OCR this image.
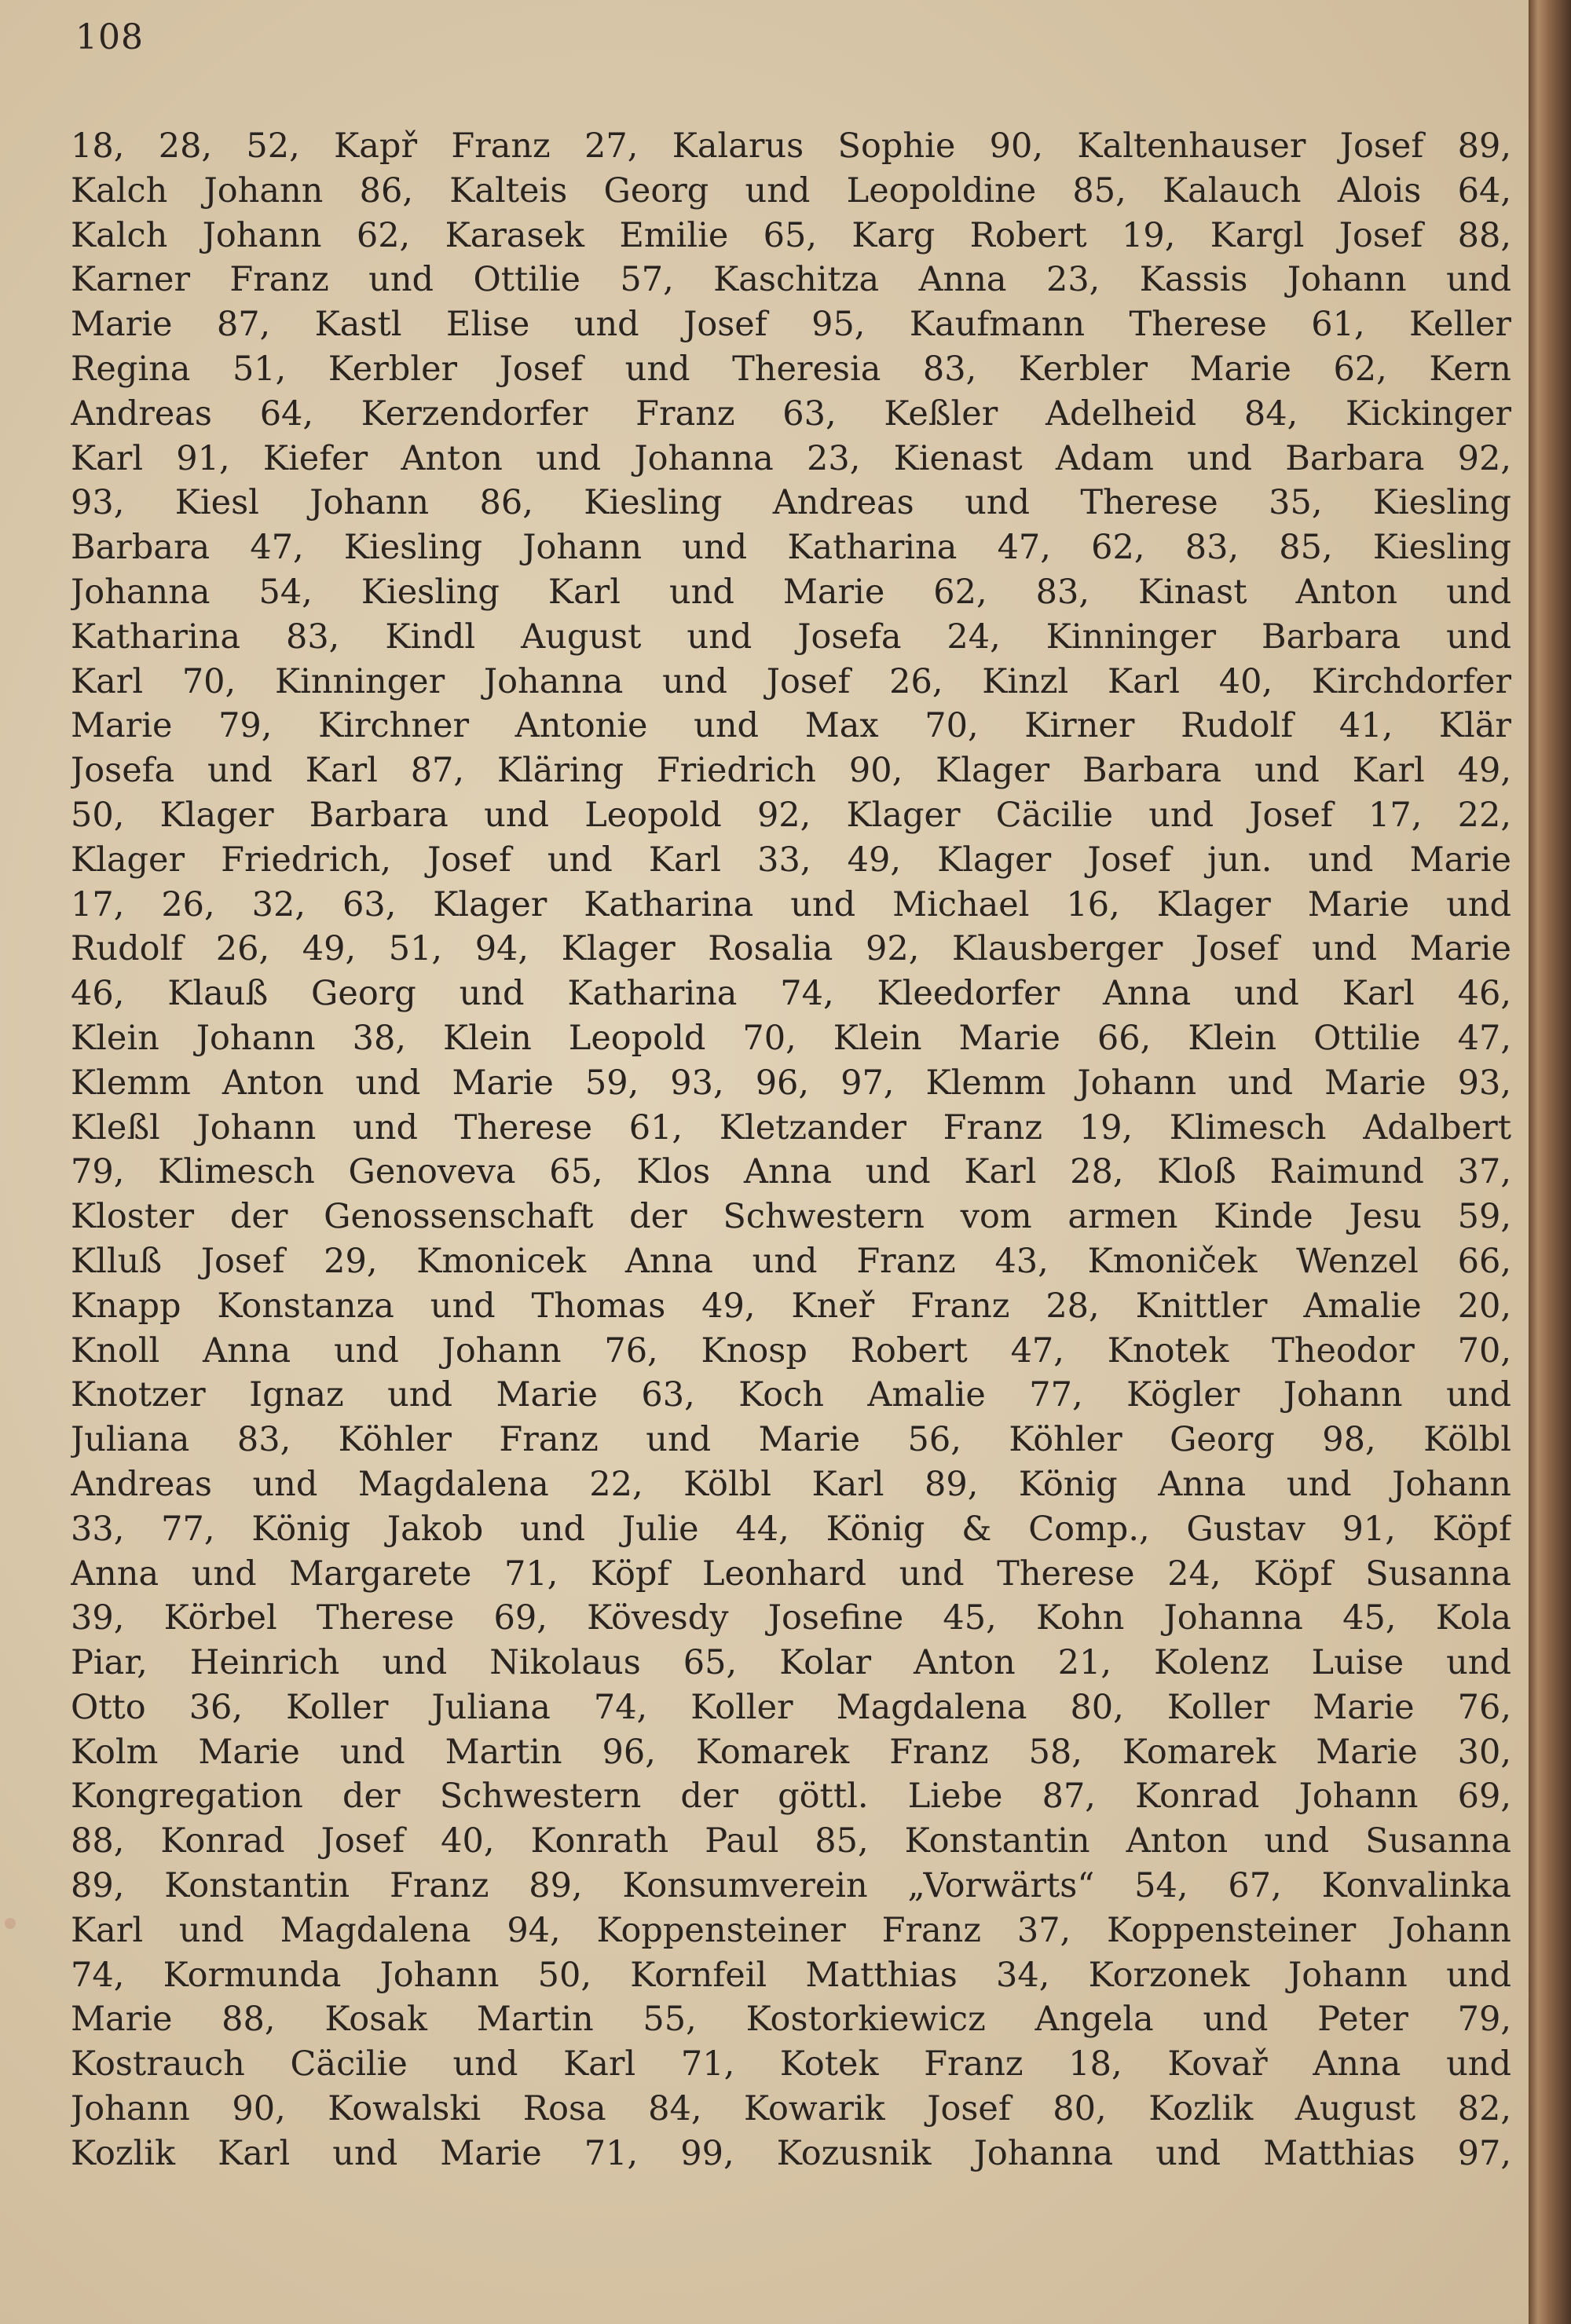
108
18, 28, 52, Kapř Franz 27, Kalarus Sophie 90, Kaltenhauser Josef 89,
Kalch Johann 86, Kalteis Georg und Leopoldine 85, Kalauch Alois 64,
Kalch Johann 62, Karasek Emilie 65, Karg Robert 19, Kargl Josef 88,
Karner Franz und Ottilie 57, Kaschitza Anna 23, Kassis Johann und
Marie 87, Kastl Elise und Josef 95, Kaufmann Therese 61, Keller
Regina 51, Kerbler Josef und Theresia 83, Kerbler Marie 62, Kern
Andreas 64, Kerzendorfer Franz 63, Keßler Adelheid 84, Kickinger
Karl 91, Kiefer Anton und Johanna 23, Kienast Adam und Barbara 92,
93, Kiesl Johann 86, Kiesling Andreas und Therese 35, Kiesling
Barbara 47, Kiesling Johann und Katharina 47, 62, 83, 85, Kiesling
Johanna 54, Kiesling Karl und Marie 62, 83, Kinast Anton und
Katharina 83, Kindl August und Josefa 24, Kinninger Barbara und
Karl 70, Kinninger Johanna und Josef 26, Kinzl Karl 40, Kirchdorfer
Marie 79, Kirchner Antonie und Max 70, Kirner Rudolf 41, Klär
Josefa und Karl 87, Kläring Friedrich 90, Klager Barbara und Karl 49,
50, Klager Barbara und Leopold 92, Klager Cäcilie und Josef 17, 22,
Klager Friedrich, Josef und Karl 33, 49, Klager Josef jun. und Marie
17, 26, 32, 63, Klager Katharina und Michael 16, Klager Marie und
Rudolf 26, 49, 51, 94, Klager Rosalia 92, Klausberger Josef und Marie
46, Klauß Georg und Katharina 74, Kleedorfer Anna und Karl 46,
Klein Johann 38, Klein Leopold 70, Klein Marie 66, Klein Ottilie 47,
Klemm Anton und Marie 59, 93, 96, 97, Klemm Johann und Marie 93,
Kleßl Johann und Therese 61, Kletzander Franz 19, Klimesch Adalbert
79, Klimesch Genoveva 65, Klos Anna und Karl 28, Kloß Raimund 37,
Kloster der Genossenschaft der Schwestern vom armen Kinde Jesu 59,
Klluß Josef 29, Kmonicek Anna und Franz 43, Kmoniček Wenzel 66,
Knapp Konstanza und Thomas 49, Kneř Franz 28, Knittler Amalie 20,
Knoll Anna und Johann 76, Knosp Robert 47, Knotek Theodor 70,
Knotzer Ignaz und Marie 63, Koch Amalie 77, Kögler Johann und
Juliana 83, Köhler Franz und Marie 56, Köhler Georg 98, Kölbl
Andreas und Magdalena 22, Kölbl Karl 89, König Anna und Johann
33, 77, König Jakob und Julie 44, König & Comp., Gustav 91, Köpf
Anna und Margarete 71, Köpf Leonhard und Therese 24, Köpf Susanna
39, Körbel Therese 69, Kövesdy Josefine 45, Kohn Johanna 45, Kola
Piar, Heinrich und Nikolaus 65, Kolar Anton 21, Kolenz Luise und
Otto 36, Koller Juliana 74, Koller Magdalena 80, Koller Marie 76,
Kolm Marie und Martin 96, Komarek Franz 58, Komarek Marie 30,
Kongregation der Schwestern der göttl. Liebe 87, Konrad Johann 69,
88, Konrad Josef 40, Konrath Paul 85, Konstantin Anton und Susanna
89, Konstantin Franz 89, Konsumverein „Vorwärts“ 54, 67, Konvalinka
Karl und Magdalena 94, Koppensteiner Franz 37, Koppensteiner Johann
74, Kormunda Johann 50, Kornfeil Matthias 34, Korzonek Johann und
Marie 88, Kosak Martin 55, Kostorkiewicz Angela und Peter 79,
Kostrauch Cäcilie und Karl 71, Kotek Franz 18, Kovař Anna und
Johann 90, Kowalski Rosa 84, Kowarik Josef 80, Kozlik August 82,
Kozlik Karl und Marie 71, 99, Kozusnik Johanna und Matthias 97,
